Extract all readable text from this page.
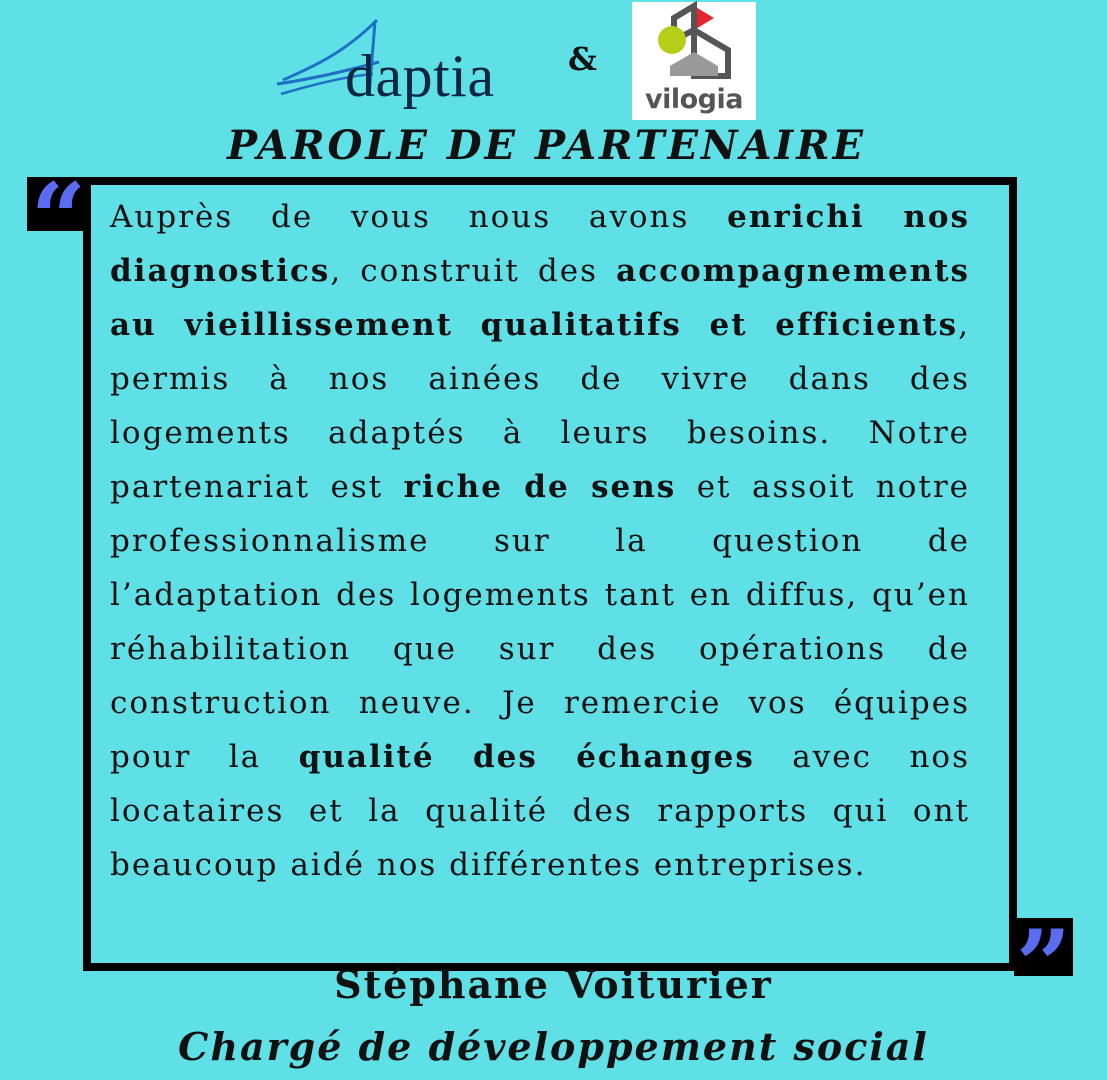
daptia &
vilogia
PAROLE DE PARTENAIRE
“ Auprès de vous nous avons enrichi nos diagnostics, construit des accompagnements au vieillissement qualitatifs et efficients, permis à nos ainées de vivre dans des logements adaptés à leurs besoins. Notre partenariat est riche de sens et assoit notre professionnalisme sur la question de l’adaptation des logements tant en diffus, qu’en réhabilitation que sur des opérations de construction neuve. Je remercie vos équipes pour la qualité des échanges avec nos locataires et la qualité des rapports qui ont beaucoup aidé nos différentes entreprises.
”
Stéphane Voiturier
Chargé de développement social
